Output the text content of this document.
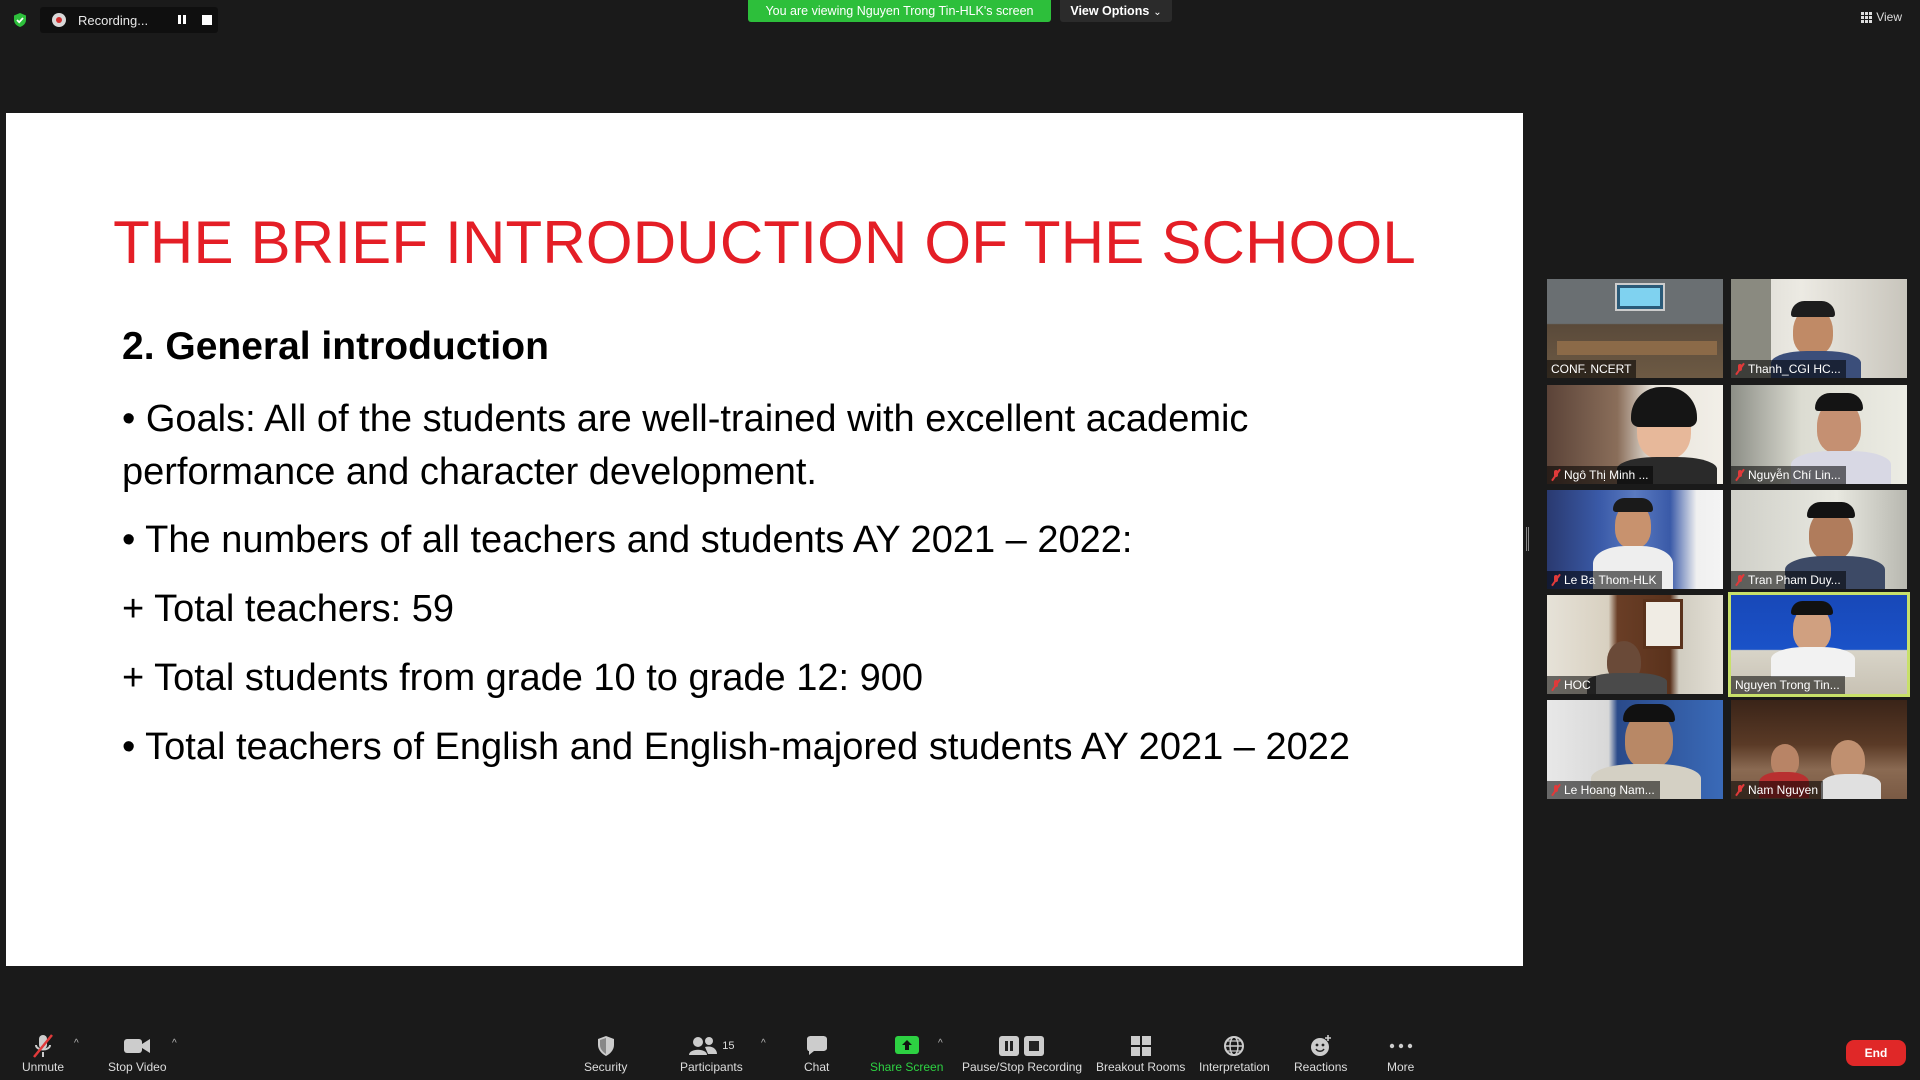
Recording...
You are viewing Nguyen Trong Tin-HLK's screen	View Options ⌄	View
THE BRIEF INTRODUCTION OF THE SCHOOL
2. General introduction
• Goals: All of the students are well-trained with excellent academic performance and character development.
• The numbers of all teachers and students AY 2021 – 2022:
+ Total teachers: 59
+ Total students from grade 10 to grade 12: 900
• Total teachers of English and English-majored students AY 2021 – 2022
CONF. NCERT	Thanh_CGI HC...
Ngô Thị Minh ...	Nguyễn Chí Lin...
Le Ba Thom-HLK	Tran Pham Duy...
HOC	Nguyen Trong Tin...
Le Hoang Nam...	Nam Nguyen
Unmute
^
Stop Video
^
Security
15
Participants
^
Chat	Share Screen
^
Pause/Stop Recording Breakout Rooms Interpretation Reactions	More
End
